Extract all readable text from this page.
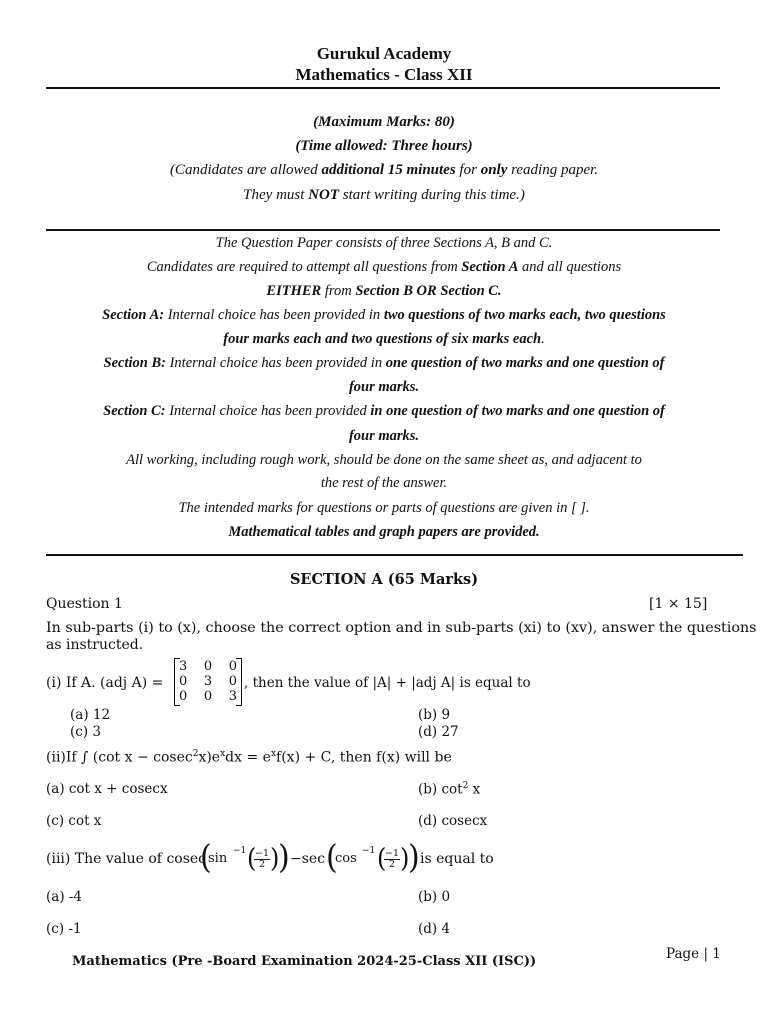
Gurukul Academy
Mathematics - Class XII
(Maximum Marks: 80)
(Time allowed: Three hours)
(Candidates are allowed additional 15 minutes for only reading paper.
They must NOT start writing during this time.)
The Question Paper consists of three Sections A, B and C.
Candidates are required to attempt all questions from Section A and all questions
EITHER from Section B OR Section C.
Section A: Internal choice has been provided in two questions of two marks each, two questions
four marks each and two questions of six marks each.
Section B: Internal choice has been provided in one question of two marks and one question of
four marks.
Section C: Internal choice has been provided in one question of two marks and one question of
four marks.
All working, including rough work, should be done on the same sheet as, and adjacent to
the rest of the answer.
The intended marks for questions or parts of questions are given in [ ].
Mathematical tables and graph papers are provided.
SECTION A (65 Marks)
Question 1	[1 × 15]
In sub-parts (i) to (x), choose the correct option and in sub-parts (xi) to (xv), answer the questions
as instructed.
(i) If A. (adj A) =
3 0 0
0 3 0
0 0 3
, then the value of |A| + |adj A| is equal to
(a) 12	(b) 9
(c) 3	(d) 27
(ii)If ∫ (cot $x - cosec^2x)e^xdx = e^xf(x) + C$, then f(x) will be
(a) cot x + cosecx	(b) $\cot^2 x$
(c) cot x	(d) cosecx
(iii) The value of cosec
(
sin −1 (
$\frac{-1}{2}$ )
) −sec (
cos −1 (
$\frac{-1}{2}$ )
) is equal to
(a) -4	(b) 0
(c) -1	(d) 4
Mathematics (Pre -Board Examination 2024-25-Class XII (ISC))	Page | 1
